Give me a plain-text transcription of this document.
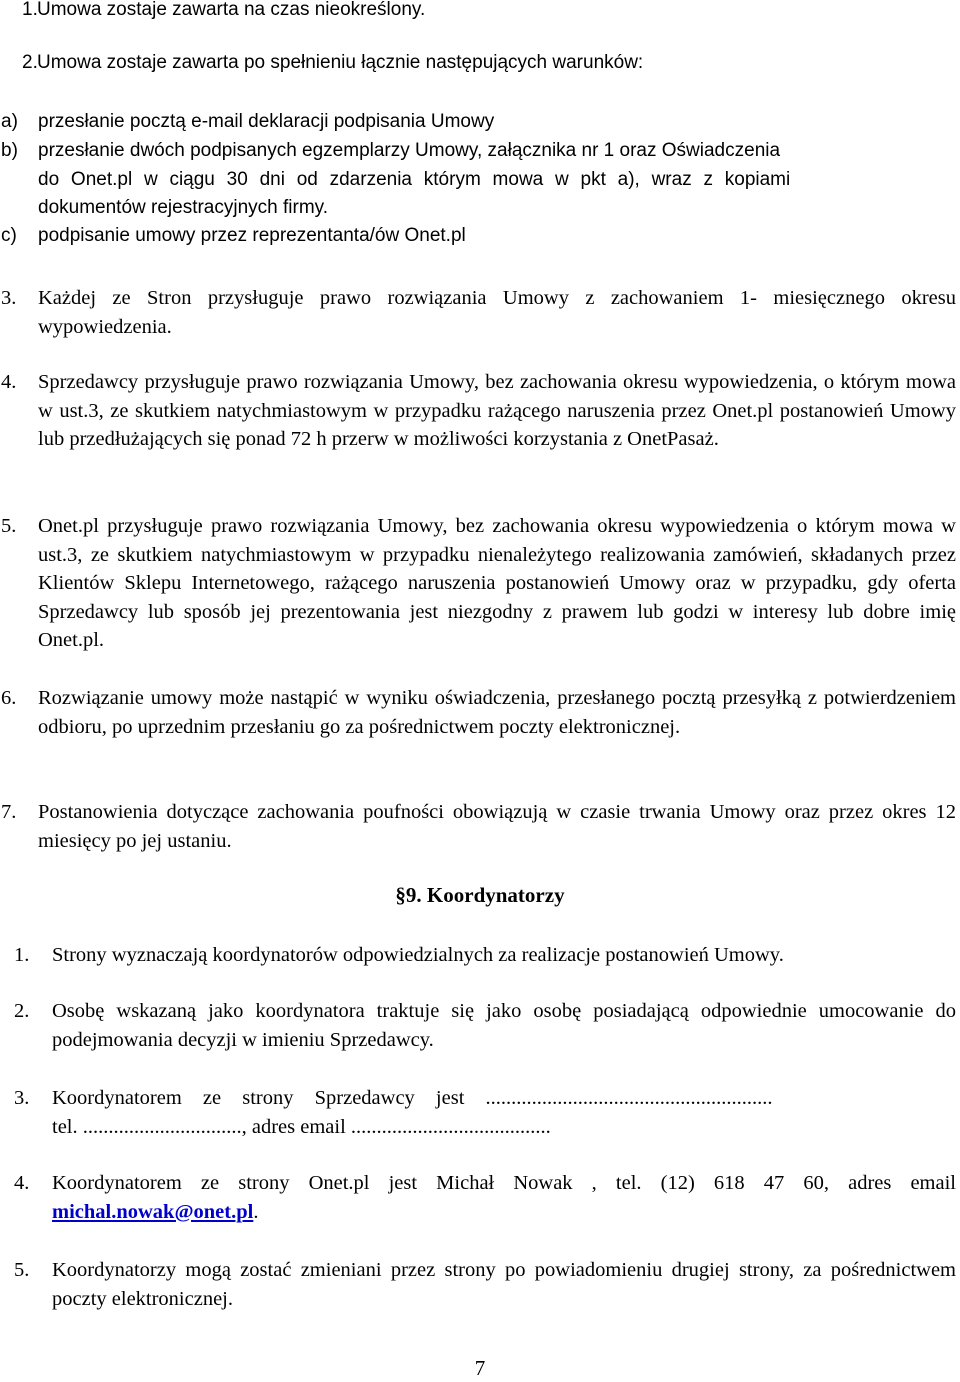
1. Umowa zostaje zawarta na czas nieokreślony.
2. Umowa zostaje zawarta po spełnieniu łącznie następujących warunków:
a)	przesłanie pocztą e-mail deklaracji podpisania Umowy
b)	przesłanie dwóch podpisanych egzemplarzy Umowy, załącznika nr 1 oraz Oświadczenia
do Onet.pl w ciągu 30 dni od zdarzenia którym mowa w pkt a), wraz z kopiami
dokumentów rejestracyjnych firmy.
c)	podpisanie umowy przez reprezentanta/ów Onet.pl
3.	Każdej ze Stron przysługuje prawo rozwiązania Umowy z zachowaniem 1- miesięcznego okresu wypowiedzenia.
4.	Sprzedawcy przysługuje prawo rozwiązania Umowy, bez zachowania okresu wypowiedzenia, o którym mowa w ust.3, ze skutkiem natychmiastowym w przypadku rażącego naruszenia przez Onet.pl postanowień Umowy lub przedłużających się ponad 72 h przerw w możliwości korzystania z OnetPasaż.
5.	Onet.pl przysługuje prawo rozwiązania Umowy, bez zachowania okresu wypowiedzenia o którym mowa w ust.3, ze skutkiem natychmiastowym w przypadku nienależytego realizowania zamówień, składanych przez Klientów Sklepu Internetowego, rażącego naruszenia postanowień Umowy oraz w przypadku, gdy oferta Sprzedawcy lub sposób jej prezentowania jest niezgodny z prawem lub godzi w interesy lub dobre imię Onet.pl.
6.	Rozwiązanie umowy może nastąpić w wyniku oświadczenia, przesłanego pocztą przesyłką z potwierdzeniem odbioru, po uprzednim przesłaniu go za pośrednictwem poczty elektronicznej.
7.	Postanowienia dotyczące zachowania poufności obowiązują w czasie trwania Umowy oraz przez okres 12 miesięcy po jej ustaniu.
§9. Koordynatorzy
1.	Strony wyznaczają koordynatorów odpowiedzialnych za realizacje postanowień Umowy.
2.	Osobę wskazaną jako koordynatora traktuje się jako osobę posiadającą odpowiednie umocowanie do podejmowania decyzji w imieniu Sprzedawcy.
3.	Koordynatorem ze strony Sprzedawcy jest ........................................................
tel. ..............................., adres email .......................................
4.	Koordynatorem ze strony Onet.pl jest Michał Nowak , tel. (12) 618 47 60, adres email michal.nowak@onet.pl.
5.	Koordynatorzy mogą zostać zmieniani przez strony po powiadomieniu drugiej strony, za pośrednictwem poczty elektronicznej.
7
